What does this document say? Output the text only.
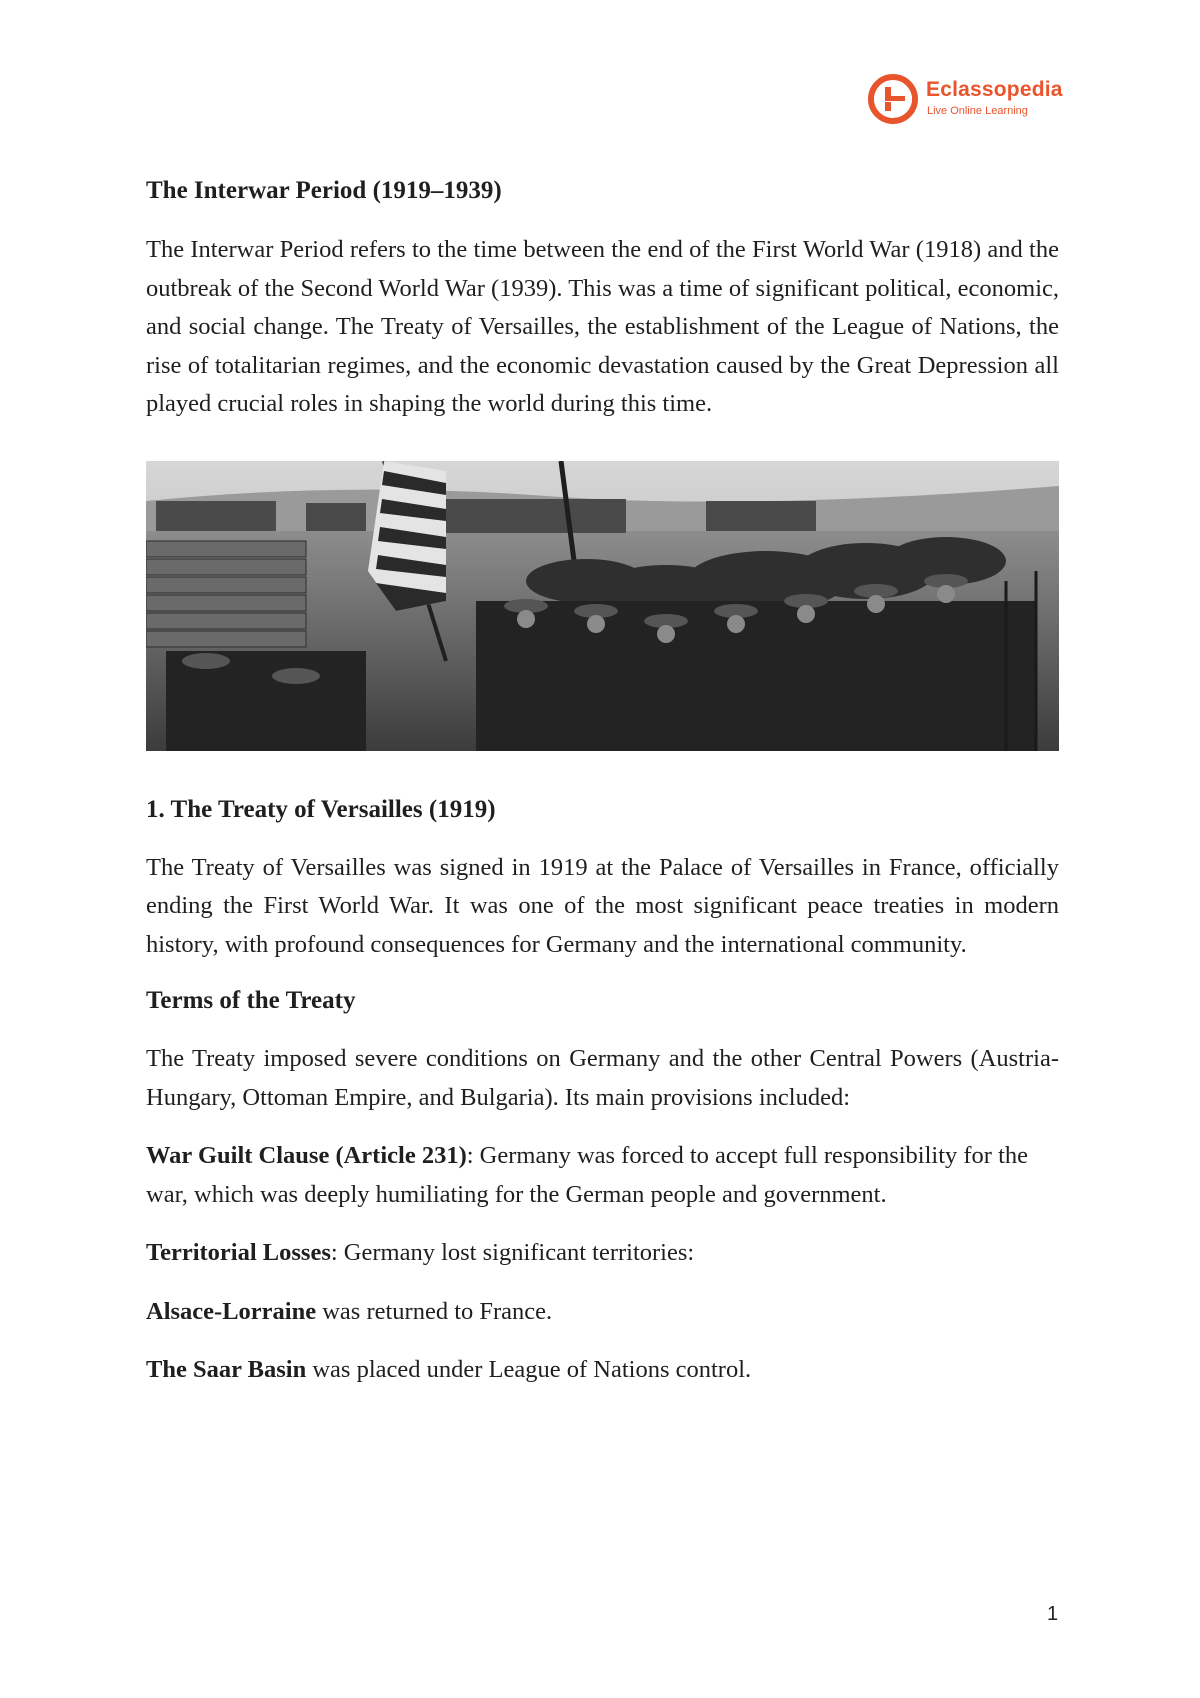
Eclassopedia
Live Online Learning
The Interwar Period (1919–1939)

The Interwar Period refers to the time between the end of the First World War (1918) and the outbreak of the Second World War (1939). This was a time of significant political, economic, and social change. The Treaty of Versailles, the establishment of the League of Nations, the rise of totalitarian regimes, and the economic devastation caused by the Great Depression all played crucial roles in shaping the world during this time.

1. The Treaty of Versailles (1919)

The Treaty of Versailles was signed in 1919 at the Palace of Versailles in France, officially ending the First World War. It was one of the most significant peace treaties in modern history, with profound consequences for Germany and the international community.

Terms of the Treaty

The Treaty imposed severe conditions on Germany and the other Central Powers (Austria-Hungary, Ottoman Empire, and Bulgaria). Its main provisions included:

War Guilt Clause (Article 231): Germany was forced to accept full responsibility for the war, which was deeply humiliating for the German people and government.

Territorial Losses: Germany lost significant territories:

Alsace-Lorraine was returned to France.

The Saar Basin was placed under League of Nations control.

1
